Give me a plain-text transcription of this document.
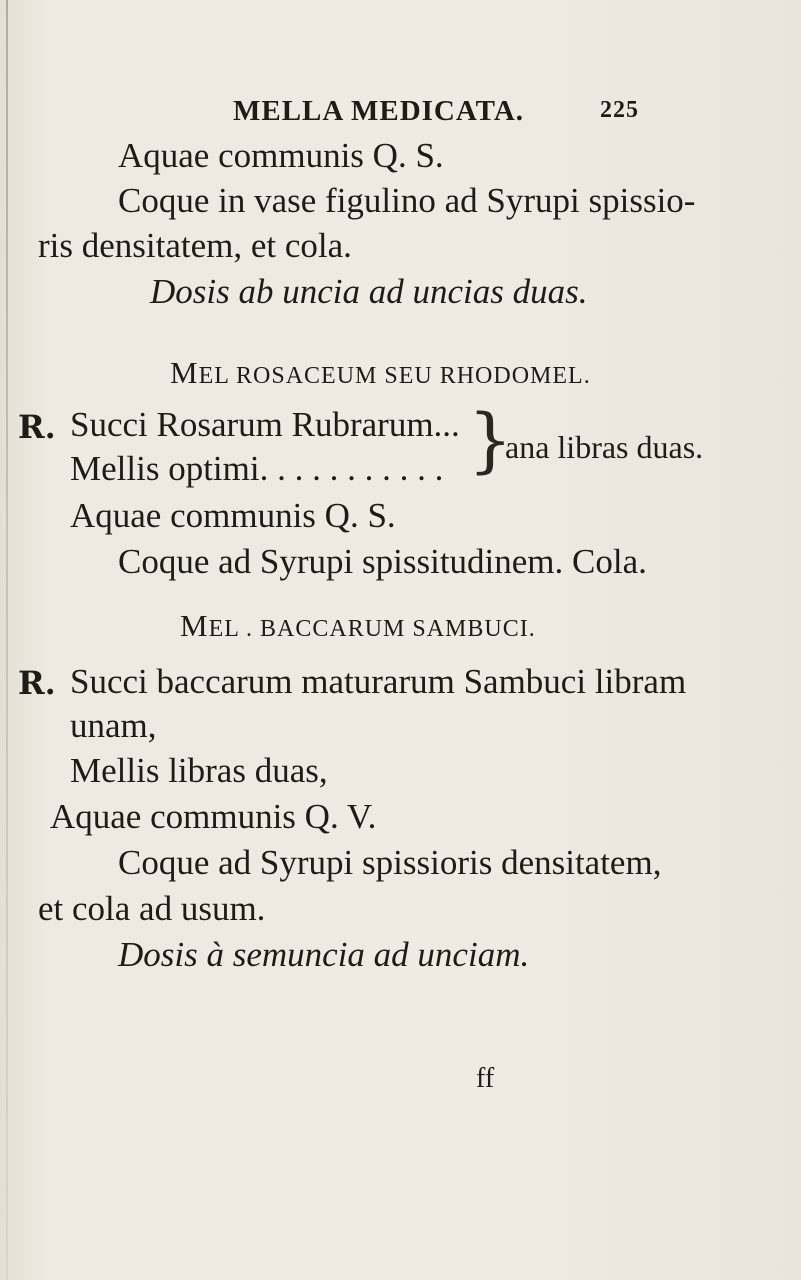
MELLA MEDICATA.	225
Aquae communis Q. S.
Coque in vase figulino ad Syrupi spissio-
ris densitatem, et cola.
Dosis ab uncia ad uncias duas.
MEL ROSACEUM SEU RHODOMEL.
R. Succi Rosarum Rubrarum...
Mellis optimi. . . . . . . . . . . }
ana libras duas.
Aquae communis Q. S.
Coque ad Syrupi spissitudinem. Cola.
MEL . BACCARUM SAMBUCI.
R. Succi baccarum maturarum Sambuci libram
unam,
Mellis libras duas,
Aquae communis Q. V.
Coque ad Syrupi spissioris densitatem,
et cola ad usum.
Dosis à semuncia ad unciam.
ff
